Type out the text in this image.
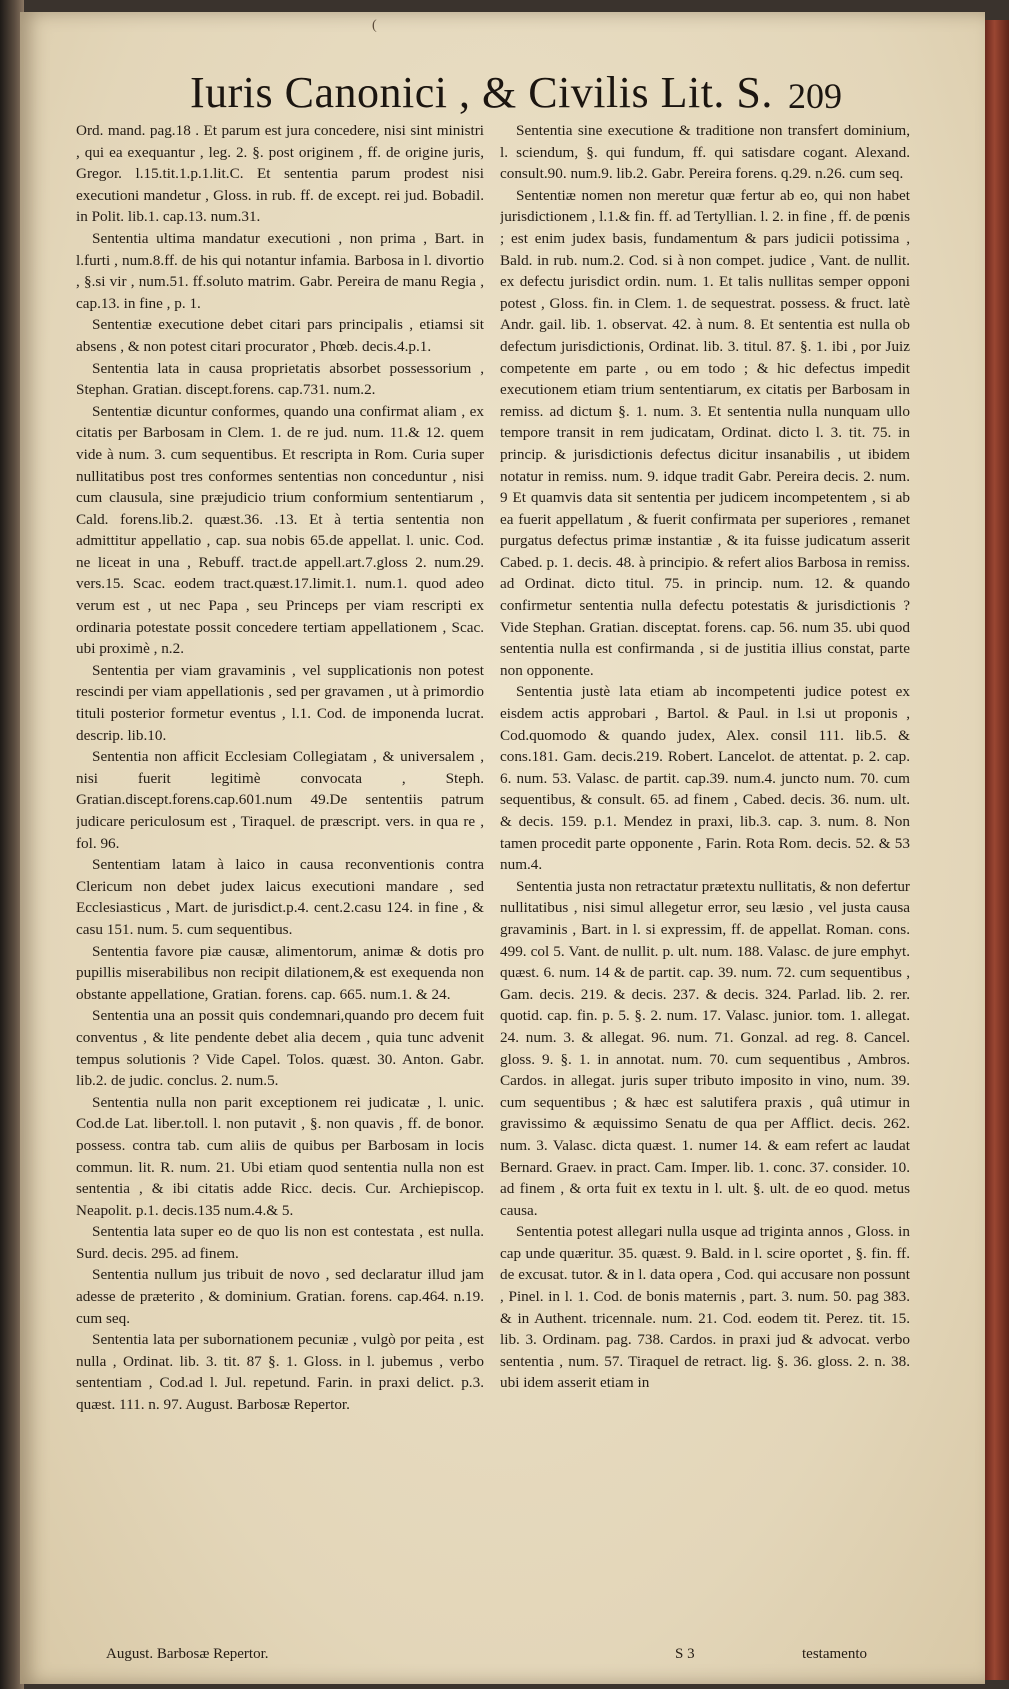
(
Iuris Canonici , & Civilis Lit. S. 209

Ord. mand. pag.18 . Et parum est jura concedere, nisi sint ministri , qui ea exequantur , leg. 2. §. post originem , ff. de origine juris, Gregor. l.15.tit.1.p.1.lit.C. Et sententia parum prodest nisi executioni mandetur , Gloss. in rub. ff. de except. rei jud. Bobadil. in Polit. lib.1. cap.13. num.31.

Sententia ultima mandatur executioni , non prima , Bart. in l.furti , num.8.ff. de his qui notantur infamia. Barbosa in l. divortio , §.si vir , num.51. ff.soluto matrim. Gabr. Pereira de manu Regia , cap.13. in fine , p. 1.

Sententiæ executione debet citari pars principalis , etiamsi sit absens , & non potest citari procurator , Phœb. decis.4.p.1.

Sententia lata in causa proprietatis absorbet possessorium , Stephan. Gratian. discept.forens. cap.731. num.2.

Sententiæ dicuntur conformes, quando una confirmat aliam , ex citatis per Barbosam in Clem. 1. de re jud. num. 11.& 12. quem vide à num. 3. cum sequentibus. Et rescripta in Rom. Curia super nullitatibus post tres conformes sententias non conceduntur , nisi cum clausula, sine præjudicio trium conformium sententiarum , Cald. forens.lib.2. quæst.36. .13. Et à tertia sententia non admittitur appellatio , cap. sua nobis 65.de appellat. l. unic. Cod. ne liceat in una , Rebuff. tract.de appell.art.7.gloss 2. num.29. vers.15. Scac. eodem tract.quæst.17.limit.1. num.1. quod adeo verum est , ut nec Papa , seu Princeps per viam rescripti ex ordinaria potestate possit concedere tertiam appellationem , Scac. ubi proximè , n.2.

Sententia per viam gravaminis , vel supplicationis non potest rescindi per viam appellationis , sed per gravamen , ut à primordio tituli posterior formetur eventus , l.1. Cod. de imponenda lucrat. descrip. lib.10.

Sententia non afficit Ecclesiam Collegiatam , & universalem , nisi fuerit legitimè convocata , Steph. Gratian.discept.forens.cap.601.num 49.De sententiis patrum judicare periculosum est , Tiraquel. de præscript. vers. in qua re , fol. 96.

Sententiam latam à laico in causa reconventionis contra Clericum non debet judex laicus executioni mandare , sed Ecclesiasticus , Mart. de jurisdict.p.4. cent.2.casu 124. in fine , & casu 151. num. 5. cum sequentibus.

Sententia favore piæ causæ, alimentorum, animæ & dotis pro pupillis miserabilibus non recipit dilationem,& est exequenda non obstante appellatione, Gratian. forens. cap. 665. num.1. & 24.

Sententia una an possit quis condemnari,quando pro decem fuit conventus , & lite pendente debet alia decem , quia tunc advenit tempus solutionis ? Vide Capel. Tolos. quæst. 30. Anton. Gabr. lib.2. de judic. conclus. 2. num.5.

Sententia nulla non parit exceptionem rei judicatæ , l. unic. Cod.de Lat. liber.toll. l. non putavit , §. non quavis , ff. de bonor. possess. contra tab. cum aliis de quibus per Barbosam in locis commun. lit. R. num. 21. Ubi etiam quod sententia nulla non est sententia , & ibi citatis adde Ricc. decis. Cur. Archiepiscop. Neapolit. p.1. decis.135 num.4.& 5.

Sententia lata super eo de quo lis non est contestata , est nulla. Surd. decis. 295. ad finem.

Sententia nullum jus tribuit de novo , sed declaratur illud jam adesse de præterito , & dominium. Gratian. forens. cap.464. n.19. cum seq.

Sententia lata per subornationem pecuniæ , vulgò por peita , est nulla , Ordinat. lib. 3. tit. 87 §. 1. Gloss. in l. jubemus , verbo sententiam , Cod.ad l. Jul. repetund. Farin. in praxi delict. p.3. quæst. 111. n. 97. August. Barbosæ Repertor.

Sententia sine executione & traditione non transfert dominium, l. sciendum, §. qui fundum, ff. qui satisdare cogant. Alexand. consult.90. num.9. lib.2. Gabr. Pereira forens. q.29. n.26. cum seq.

Sententiæ nomen non meretur quæ fertur ab eo, qui non habet jurisdictionem , l.1.& fin. ff. ad Tertyllian. l. 2. in fine , ff. de pœnis ; est enim judex basis, fundamentum & pars judicii potissima , Bald. in rub. num.2. Cod. si à non compet. judice , Vant. de nullit. ex defectu jurisdict ordin. num. 1. Et talis nullitas semper opponi potest , Gloss. fin. in Clem. 1. de sequestrat. possess. & fruct. latè Andr. gail. lib. 1. observat. 42. à num. 8. Et sententia est nulla ob defectum jurisdictionis, Ordinat. lib. 3. titul. 87. §. 1. ibi , por Juiz competente em parte , ou em todo ; & hic defectus impedit executionem etiam trium sententiarum, ex citatis per Barbosam in remiss. ad dictum §. 1. num. 3. Et sententia nulla nunquam ullo tempore transit in rem judicatam, Ordinat. dicto l. 3. tit. 75. in princip. & jurisdictionis defectus dicitur insanabilis , ut ibidem notatur in remiss. num. 9. idque tradit Gabr. Pereira decis. 2. num. 9 Et quamvis data sit sententia per judicem incompetentem , si ab ea fuerit appellatum , & fuerit confirmata per superiores , remanet purgatus defectus primæ instantiæ , & ita fuisse judicatum asserit Cabed. p. 1. decis. 48. à principio. & refert alios Barbosa in remiss. ad Ordinat. dicto titul. 75. in princip. num. 12. & quando confirmetur sententia nulla defectu potestatis & jurisdictionis ? Vide Stephan. Gratian. disceptat. forens. cap. 56. num 35. ubi quod sententia nulla est confirmanda , si de justitia illius constat, parte non opponente.

Sententia justè lata etiam ab incompetenti judice potest ex eisdem actis approbari , Bartol. & Paul. in l.si ut proponis , Cod.quomodo & quando judex, Alex. consil 111. lib.5. & cons.181. Gam. decis.219. Robert. Lancelot. de attentat. p. 2. cap. 6. num. 53. Valasc. de partit. cap.39. num.4. juncto num. 70. cum sequentibus, & consult. 65. ad finem , Cabed. decis. 36. num. ult. & decis. 159. p.1. Mendez in praxi, lib.3. cap. 3. num. 8. Non tamen procedit parte opponente , Farin. Rota Rom. decis. 52. & 53 num.4.

Sententia justa non retractatur prætextu nullitatis, & non defertur nullitatibus , nisi simul allegetur error, seu læsio , vel justa causa gravaminis , Bart. in l. si expressim, ff. de appellat. Roman. cons. 499. col 5. Vant. de nullit. p. ult. num. 188. Valasc. de jure emphyt. quæst. 6. num. 14 & de partit. cap. 39. num. 72. cum sequentibus , Gam. decis. 219. & decis. 237. & decis. 324. Parlad. lib. 2. rer. quotid. cap. fin. p. 5. §. 2. num. 17. Valasc. junior. tom. 1. allegat. 24. num. 3. & allegat. 96. num. 71. Gonzal. ad reg. 8. Cancel. gloss. 9. §. 1. in annotat. num. 70. cum sequentibus , Ambros. Cardos. in allegat. juris super tributo imposito in vino, num. 39. cum sequentibus ; & hæc est salutifera praxis , quâ utimur in gravissimo & æquissimo Senatu de qua per Afflict. decis. 262. num. 3. Valasc. dicta quæst. 1. numer 14. & eam refert ac laudat Bernard. Graev. in pract. Cam. Imper. lib. 1. conc. 37. consider. 10. ad finem , & orta fuit ex textu in l. ult. §. ult. de eo quod. metus causa.

Sententia potest allegari nulla usque ad triginta annos , Gloss. in cap unde quæritur. 35. quæst. 9. Bald. in l. scire oportet , §. fin. ff. de excusat. tutor. & in l. data opera , Cod. qui accusare non possunt , Pinel. in l. 1. Cod. de bonis maternis , part. 3. num. 50. pag 383. & in Authent. tricennale. num. 21. Cod. eodem tit. Perez. tit. 15. lib. 3. Ordinam. pag. 738. Cardos. in praxi jud & advocat. verbo sententia , num. 57. Tiraquel de retract. lig. §. 36. gloss. 2. n. 38. ubi idem asserit etiam in

August. Barbosæ Repertor.	S 3	testamento
